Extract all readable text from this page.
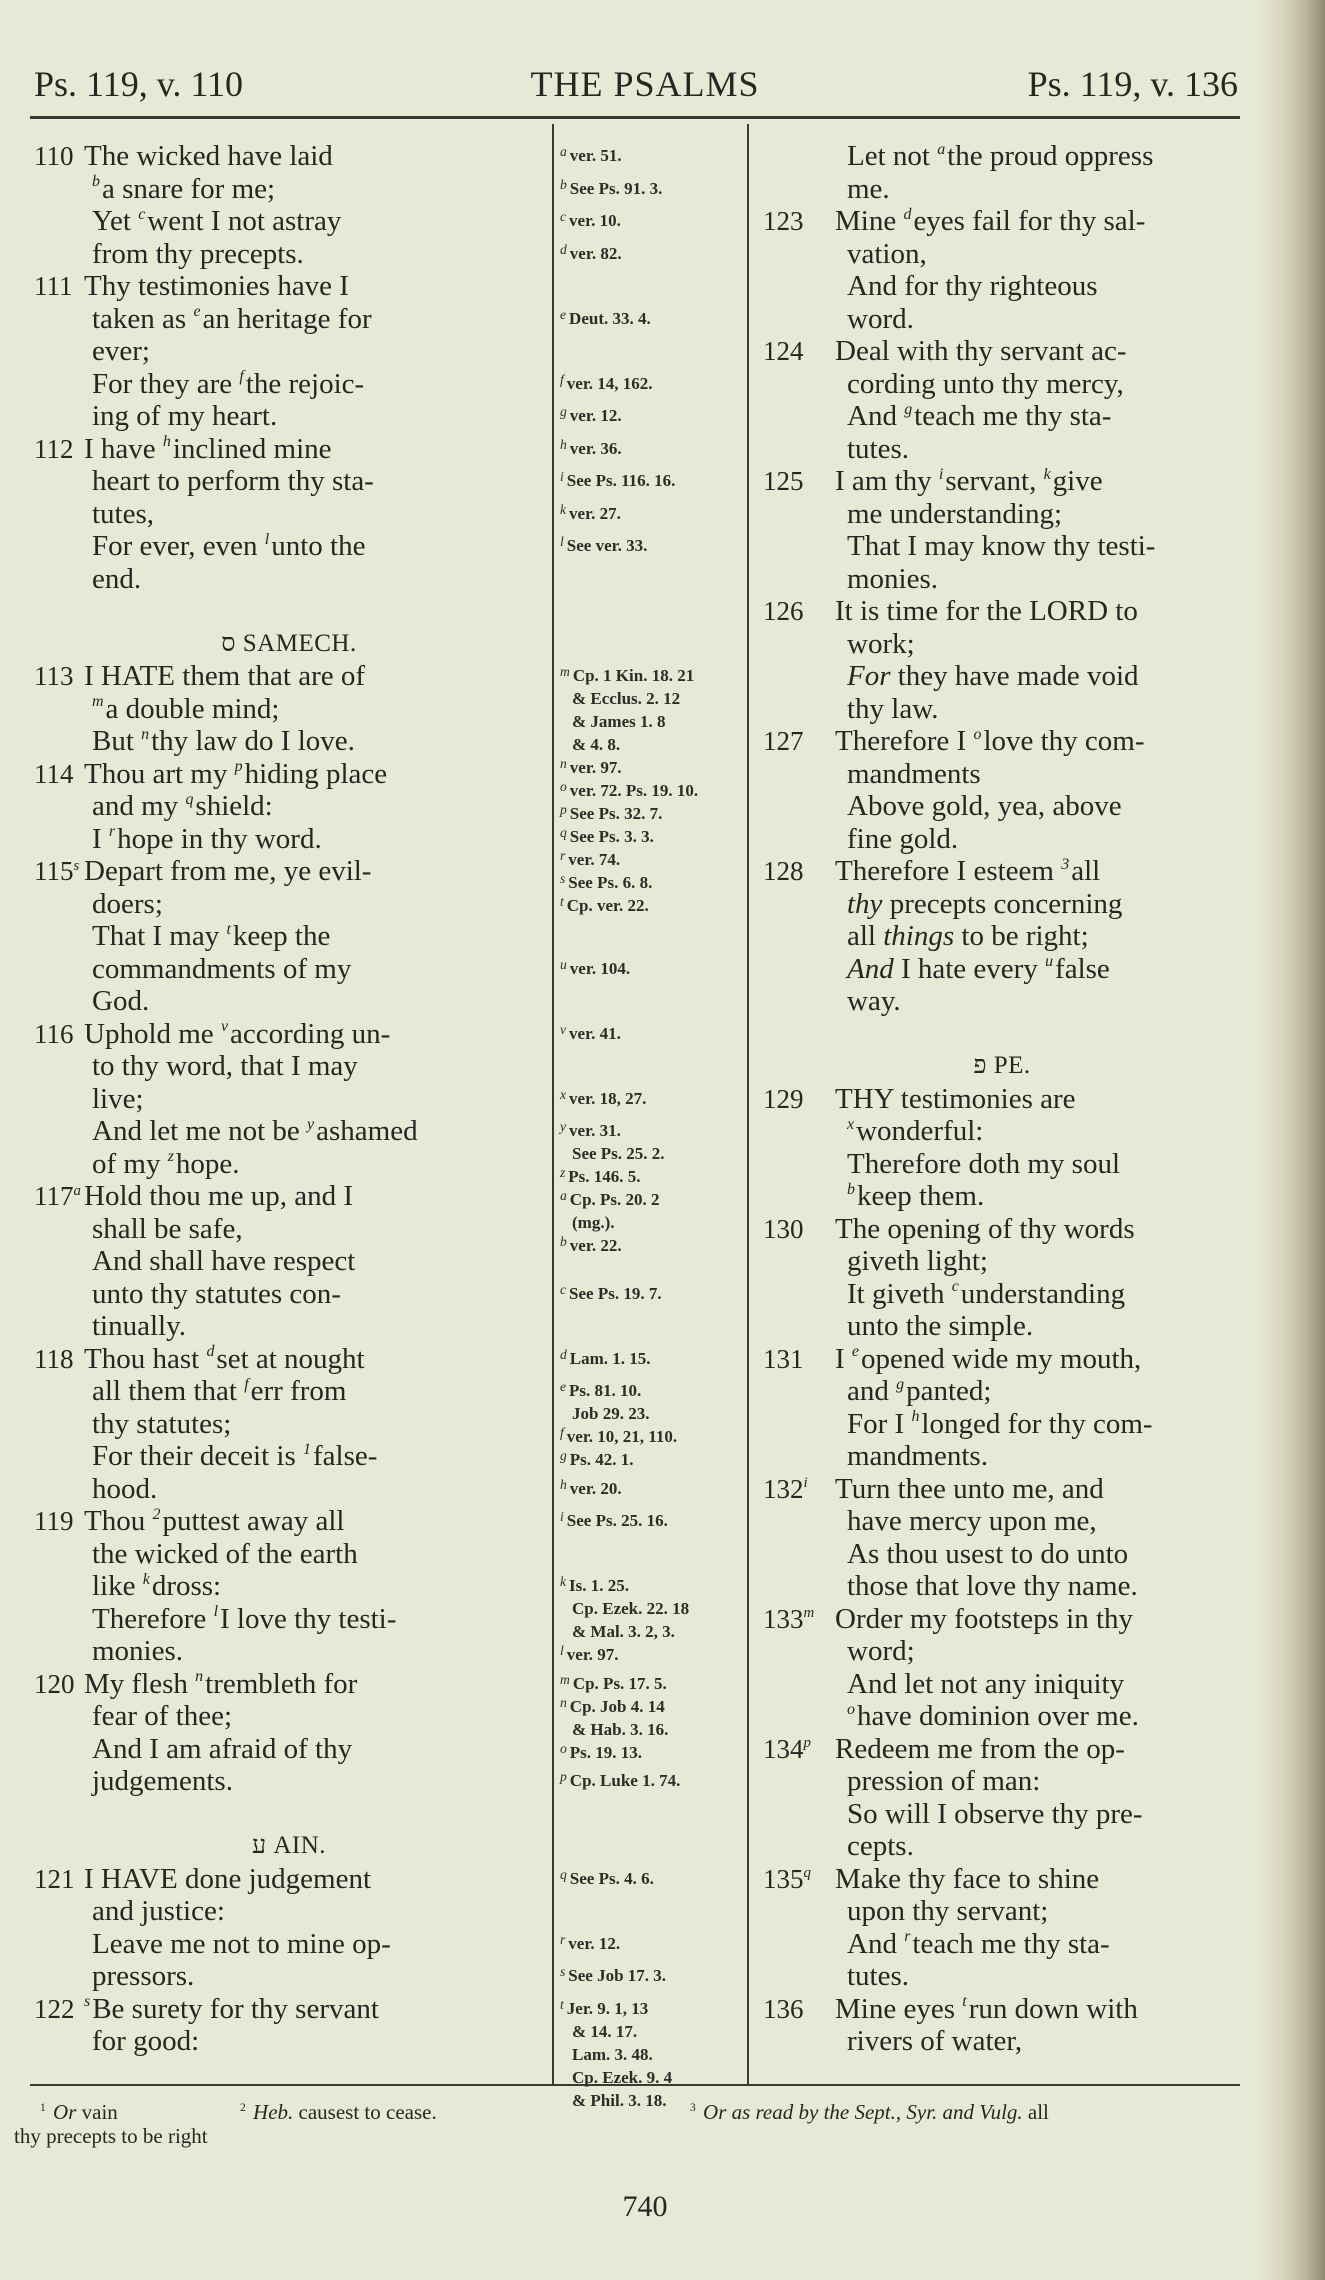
Ps. 119, v. 110	THE PSALMS	Ps. 119, v. 136
110 The wicked have laid
$^b$a snare for me;
Yet $^c$went I not astray
from thy precepts.
111 Thy testimonies have I
taken as $^e$an heritage for
ever;
For they are $^f$the rejoic-
ing of my heart.
112 I have $^h$inclined mine
heart to perform thy sta-
tutes,
For ever, even $^l$unto the
end.
ס SAMECH.
113 I HATE them that are of
$^m$a double mind;
But $^n$thy law do I love.
114 Thou art my $^p$hiding place
and my $^q$shield:
I $^r$hope in thy word.
115$^s$ Depart from me, ye evil-
doers;
That I may $^t$keep the
commandments of my
God.
116 Uphold me $^v$according un-
to thy word, that I may
live;
And let me not be $^y$ashamed
of my $^z$hope.
117$^a$ Hold thou me up, and I
shall be safe,
And shall have respect
unto thy statutes con-
tinually.
118 Thou hast $^d$set at nought
all them that $^f$err from
thy statutes;
For their deceit is $^1$false-
hood.
119 Thou $^2$puttest away all
the wicked of the earth
like $^k$dross:
Therefore $^l$I love thy testi-
monies.
120 My flesh $^n$trembleth for
fear of thee;
And I am afraid of thy
judgements.
ע AIN.
121 I HAVE done judgement
and justice:
Leave me not to mine op-
pressors.
122 $^s$Be surety for thy servant
for good:
$^a$ ver. 51.
$^b$ See Ps. 91. 3.
$^c$ ver. 10.
$^d$ ver. 82.
$^e$ Deut. 33. 4.
$^f$ ver. 14, 162.
$^g$ ver. 12.
$^h$ ver. 36.
$^i$ See Ps. 116. 16.
$^k$ ver. 27.
$^l$ See ver. 33.
$^m$ Cp. 1 Kin. 18. 21
& Ecclus. 2. 12
& James 1. 8
& 4. 8.
$^n$ ver. 97.
$^o$ ver. 72. Ps. 19. 10.
$^p$ See Ps. 32. 7.
$^q$ See Ps. 3. 3.
$^r$ ver. 74.
$^s$ See Ps. 6. 8.
$^t$ Cp. ver. 22.
$^u$ ver. 104.
$^v$ ver. 41.
$^x$ ver. 18, 27.
$^y$ ver. 31.
See Ps. 25. 2.
$^z$ Ps. 146. 5.
$^a$ Cp. Ps. 20. 2
(mg.).
$^b$ ver. 22.
$^c$ See Ps. 19. 7.
$^d$ Lam. 1. 15.
$^e$ Ps. 81. 10.
Job 29. 23.
$^f$ ver. 10, 21, 110.
$^g$ Ps. 42. 1.
$^h$ ver. 20.
$^i$ See Ps. 25. 16.
$^k$ Is. 1. 25.
Cp. Ezek. 22. 18
& Mal. 3. 2, 3.
$^l$ ver. 97.
$^m$ Cp. Ps. 17. 5.
$^n$ Cp. Job 4. 14
& Hab. 3. 16.
$^o$ Ps. 19. 13.
$^p$ Cp. Luke 1. 74.
$^q$ See Ps. 4. 6.
$^r$ ver. 12.
$^s$ See Job 17. 3.
$^t$ Jer. 9. 1, 13
& 14. 17.
Lam. 3. 48.
Cp. Ezek. 9. 4
& Phil. 3. 18.
Let not $^a$the proud oppress
me.
123 Mine $^d$eyes fail for thy sal-
vation,
And for thy righteous
word.
124 Deal with thy servant ac-
cording unto thy mercy,
And $^g$teach me thy sta-
tutes.
125 I am thy $^i$servant, $^k$give
me understanding;
That I may know thy testi-
monies.
126 It is time for the LORD to
work;
For they have made void
thy law.
127 Therefore I $^o$love thy com-
mandments
Above gold, yea, above
fine gold.
128 Therefore I esteem $^3$all
thy precepts concerning
all things to be right;
And I hate every $^u$false
way.
פ PE.
129 THY testimonies are
$^x$wonderful:
Therefore doth my soul
$^b$keep them.
130 The opening of thy words
giveth light;
It giveth $^c$understanding
unto the simple.
131 I $^e$opened wide my mouth,
and $^g$panted;
For I $^h$longed for thy com-
mandments.
132$^i$ Turn thee unto me, and
have mercy upon me,
As thou usest to do unto
those that love thy name.
133$^m$ Order my footsteps in thy
word;
And let not any iniquity
$^o$have dominion over me.
134$^p$ Redeem me from the op-
pression of man:
So will I observe thy pre-
cepts.
135$^q$ Make thy face to shine
upon thy servant;
And $^r$teach me thy sta-
tutes.
136 Mine eyes $^t$run down with
rivers of water,
$^1$ Or vain	$^2$ Heb. causest to cease.	$^3$ Or as read by the Sept., Syr. and Vulg. all
thy precepts to be right
740
